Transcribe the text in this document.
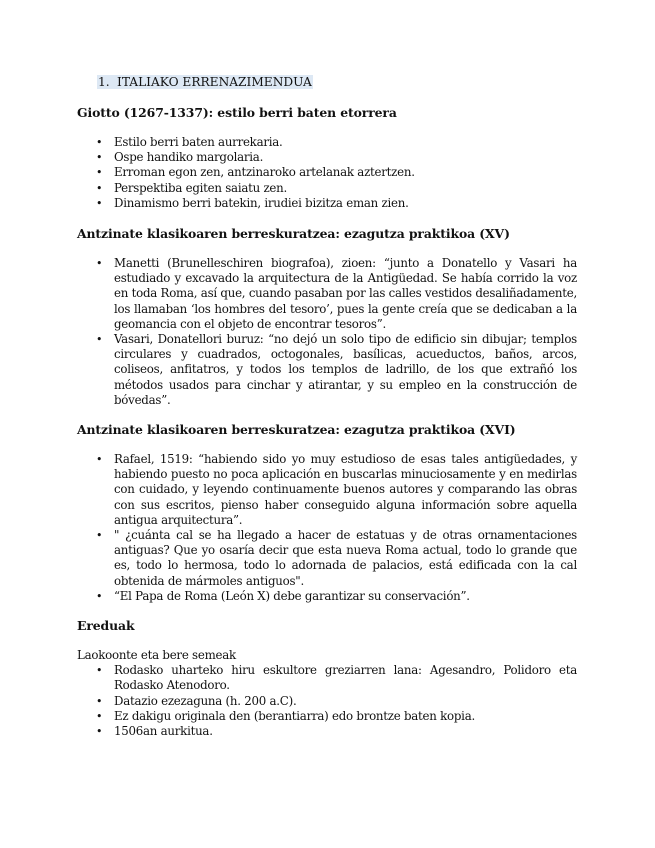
1. ITALIAKO ERRENAZIMENDUA
Giotto (1267-1337): estilo berri baten etorrera
• Estilo berri baten aurrekaria.
• Ospe handiko margolaria.
• Erroman egon zen, antzinaroko artelanak aztertzen.
• Perspektiba egiten saiatu zen.
• Dinamismo berri batekin, irudiei bizitza eman zien.
Antzinate klasikoaren berreskuratzea: ezagutza praktikoa (XV)
• Manetti (Brunelleschiren biografoa), zioen: “junto a Donatello y Vasari ha estudiado y excavado la arquitectura de la Antigüedad. Se había corrido la voz en toda Roma, así que, cuando pasaban por las calles vestidos desaliñadamente, los llamaban ‘los hombres del tesoro’, pues la gente creía que se dedicaban a la geomancia con el objeto de encontrar tesoros”.
• Vasari, Donatellori buruz: “no dejó un solo tipo de edificio sin dibujar; templos circulares y cuadrados, octogonales, basílicas, acueductos, baños, arcos, coliseos, anfitatros, y todos los templos de ladrillo, de los que extrañó los métodos usados para cinchar y atirantar, y su empleo en la construcción de bóvedas”.
Antzinate klasikoaren berreskuratzea: ezagutza praktikoa (XVI)
• Rafael, 1519: “habiendo sido yo muy estudioso de esas tales antigüedades, y habiendo puesto no poca aplicación en buscarlas minuciosamente y en medirlas con cuidado, y leyendo continuamente buenos autores y comparando las obras con sus escritos, pienso haber conseguido alguna información sobre aquella antigua arquitectura”.
• " ¿cuánta cal se ha llegado a hacer de estatuas y de otras ornamentaciones antiguas? Que yo osaría decir que esta nueva Roma actual, todo lo grande que es, todo lo hermosa, todo lo adornada de palacios, está edificada con la cal obtenida de mármoles antiguos".
• “El Papa de Roma (León X) debe garantizar su conservación”.
Ereduak

Laokoonte eta bere semeak

• Rodasko uharteko hiru eskultore greziarren lana: Agesandro, Polidoro eta Rodasko Atenodoro.
• Datazio ezezaguna (h. 200 a.C).
• Ez dakigu originala den (berantiarra) edo brontze baten kopia.
• 1506an aurkitua.
